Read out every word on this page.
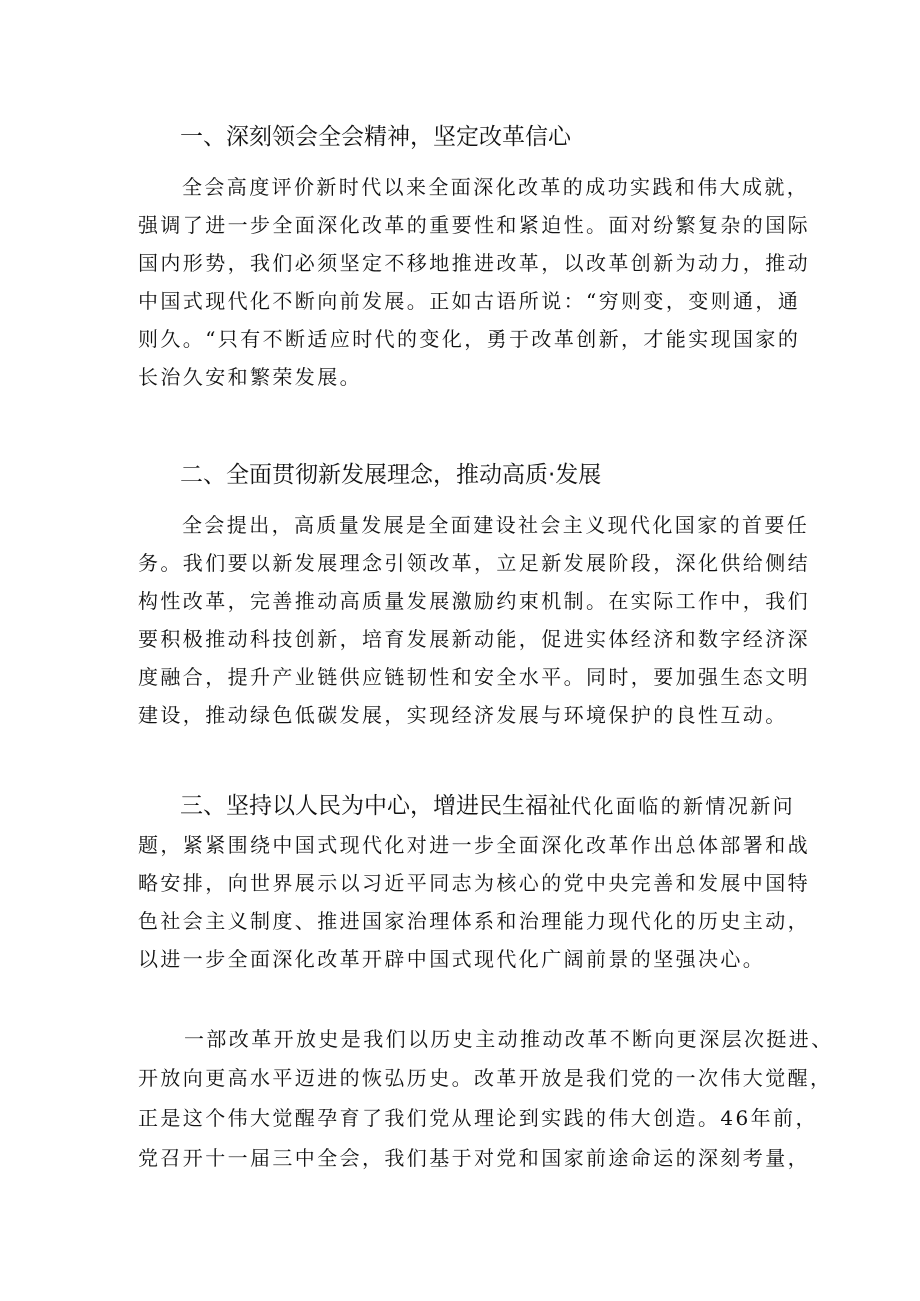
一、深刻领会全会精神，坚定改革信心
全会高度评价新时代以来全面深化改革的成功实践和伟大成就，
强调了进一步全面深化改革的重要性和紧迫性。面对纷繁复杂的国际
国内形势，我们必须坚定不移地推进改革，以改革创新为动力，推动
中国式现代化不断向前发展。正如古语所说：“穷则变，变则通，通
则久。“只有不断适应时代的变化，勇于改革创新，才能实现国家的
长治久安和繁荣发展。
二、全面贯彻新发展理念，推动高质·发展
全会提出，高质量发展是全面建设社会主义现代化国家的首要任
务。我们要以新发展理念引领改革，立足新发展阶段，深化供给侧结
构性改革，完善推动高质量发展激励约束机制。在实际工作中，我们
要积极推动科技创新，培育发展新动能，促进实体经济和数字经济深
度融合，提升产业链供应链韧性和安全水平。同时，要加强生态文明
建设，推动绿色低碳发展，实现经济发展与环境保护的良性互动。
三、坚持以人民为中心，增进民生福祉代化面临的新情况新问
题，紧紧围绕中国式现代化对进一步全面深化改革作出总体部署和战
略安排，向世界展示以习近平同志为核心的党中央完善和发展中国特
色社会主义制度、推进国家治理体系和治理能力现代化的历史主动，
以进一步全面深化改革开辟中国式现代化广阔前景的坚强决心。
一部改革开放史是我们以历史主动推动改革不断向更深层次挺进、
开放向更高水平迈进的恢弘历史。改革开放是我们党的一次伟大觉醒，
正是这个伟大觉醒孕育了我们党从理论到实践的伟大创造。46年前，
党召开十一届三中全会，我们基于对党和国家前途命运的深刻考量，
